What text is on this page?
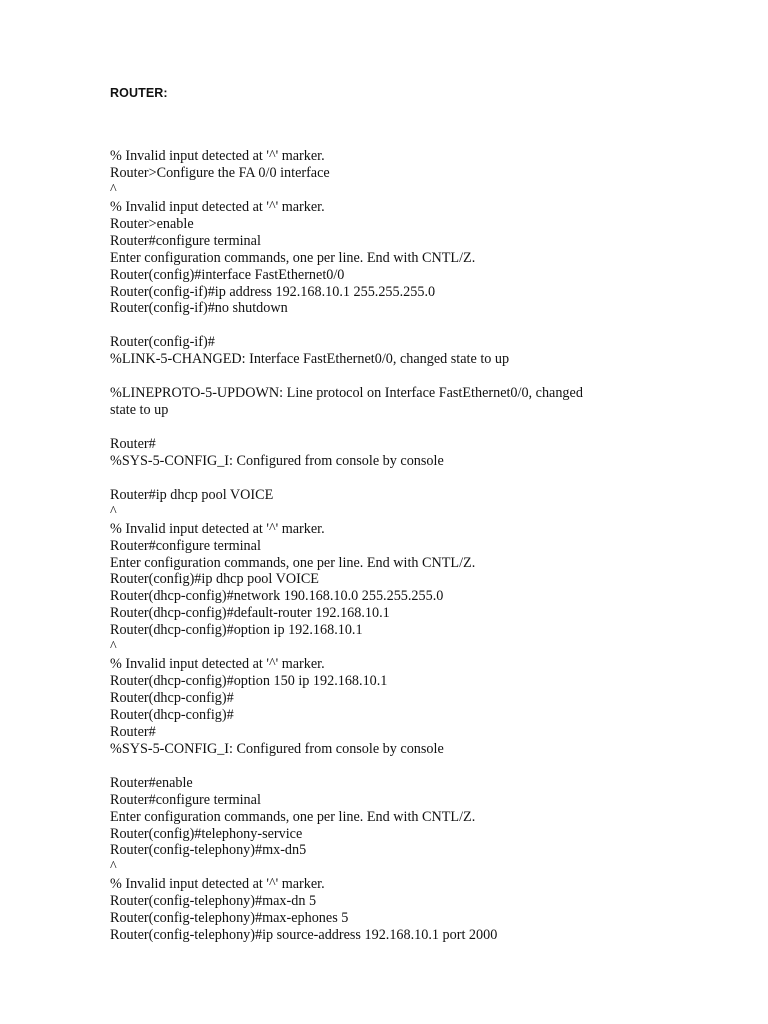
ROUTER:
% Invalid input detected at '^' marker.
Router>Configure the FA 0/0 interface
^
% Invalid input detected at '^' marker.
Router>enable
Router#configure terminal
Enter configuration commands, one per line. End with CNTL/Z.
Router(config)#interface FastEthernet0/0
Router(config-if)#ip address 192.168.10.1 255.255.255.0
Router(config-if)#no shutdown
Router(config-if)#
%LINK-5-CHANGED: Interface FastEthernet0/0, changed state to up
%LINEPROTO-5-UPDOWN: Line protocol on Interface FastEthernet0/0, changed
state to up
Router#
%SYS-5-CONFIG_I: Configured from console by console
Router#ip dhcp pool VOICE
^
% Invalid input detected at '^' marker.
Router#configure terminal
Enter configuration commands, one per line. End with CNTL/Z.
Router(config)#ip dhcp pool VOICE
Router(dhcp-config)#network 190.168.10.0 255.255.255.0
Router(dhcp-config)#default-router 192.168.10.1
Router(dhcp-config)#option ip 192.168.10.1
^
% Invalid input detected at '^' marker.
Router(dhcp-config)#option 150 ip 192.168.10.1
Router(dhcp-config)#
Router(dhcp-config)#
Router#
%SYS-5-CONFIG_I: Configured from console by console
Router#enable
Router#configure terminal
Enter configuration commands, one per line. End with CNTL/Z.
Router(config)#telephony-service
Router(config-telephony)#mx-dn5
^
% Invalid input detected at '^' marker.
Router(config-telephony)#max-dn 5
Router(config-telephony)#max-ephones 5
Router(config-telephony)#ip source-address 192.168.10.1 port 2000
